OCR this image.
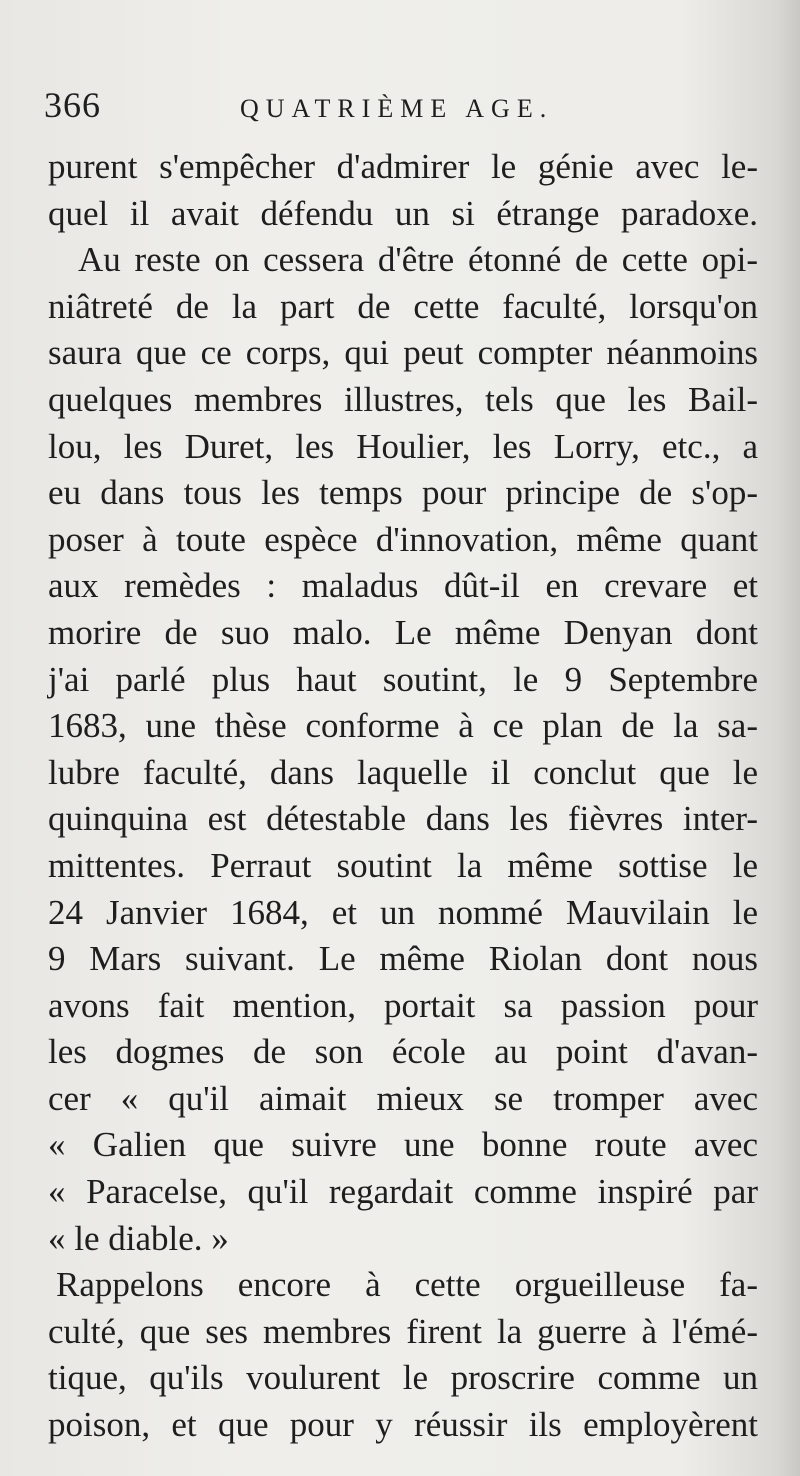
366	QUATRIÈME AGE.
purent s'empêcher d'admirer le génie avec le-
quel il avait défendu un si étrange paradoxe.
Au reste on cessera d'être étonné de cette opi-
niâtreté de la part de cette faculté, lorsqu'on
saura que ce corps, qui peut compter néanmoins
quelques membres illustres, tels que les Bail-
lou, les Duret, les Houlier, les Lorry, etc., a
eu dans tous les temps pour principe de s'op-
poser à toute espèce d'innovation, même quant
aux remèdes : maladus dût-il en crevare et
morire de suo malo. Le même Denyan dont
j'ai parlé plus haut soutint, le 9 Septembre
1683, une thèse conforme à ce plan de la sa-
lubre faculté, dans laquelle il conclut que le
quinquina est détestable dans les fièvres inter-
mittentes. Perraut soutint la même sottise le
24 Janvier 1684, et un nommé Mauvilain le
9 Mars suivant. Le même Riolan dont nous
avons fait mention, portait sa passion pour
les dogmes de son école au point d'avan-
cer « qu'il aimait mieux se tromper avec
« Galien que suivre une bonne route avec
« Paracelse, qu'il regardait comme inspiré par
« le diable. »
Rappelons encore à cette orgueilleuse fa-
culté, que ses membres firent la guerre à l'émé-
tique, qu'ils voulurent le proscrire comme un
poison, et que pour y réussir ils employèrent
